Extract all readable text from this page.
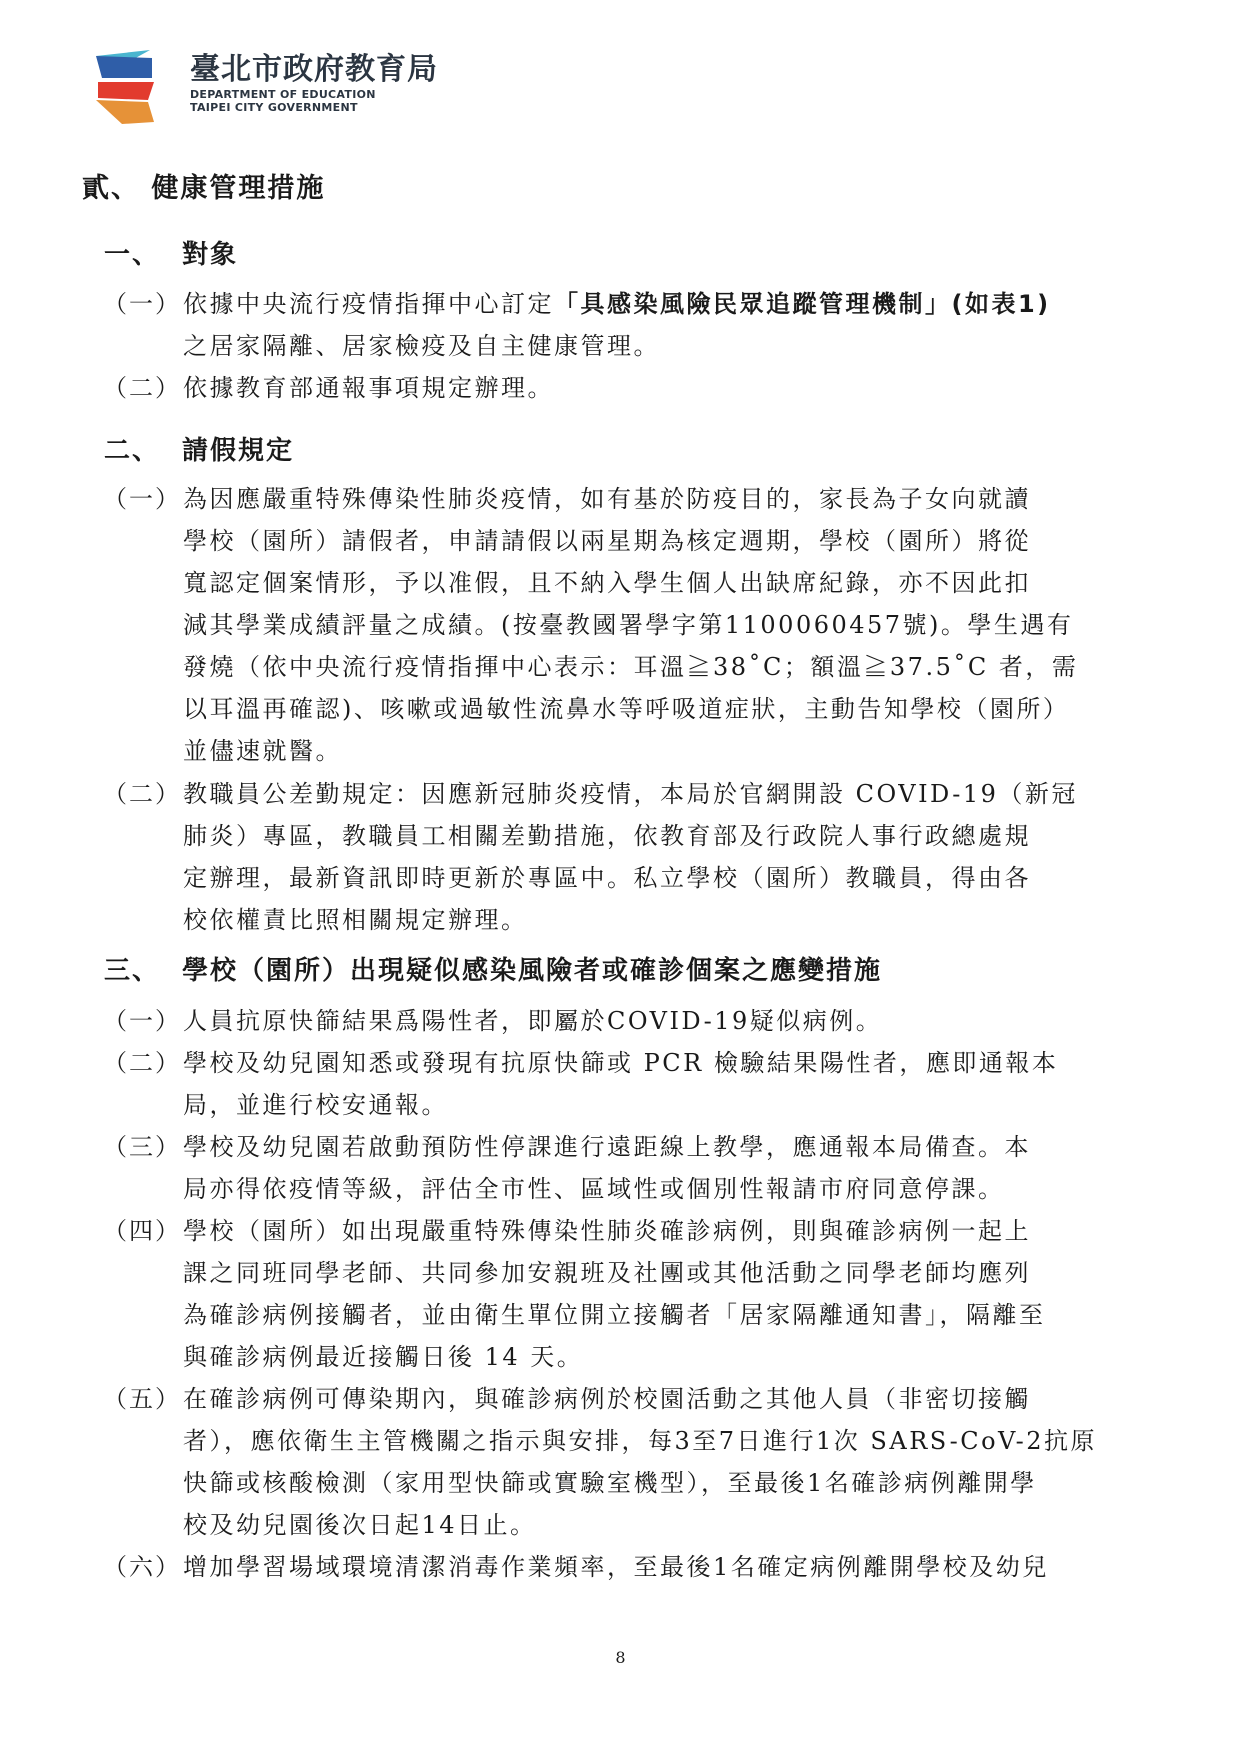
臺北市政府教育局
DEPARTMENT OF EDUCATION
TAIPEI CITY GOVERNMENT
貳、 健康管理措施
一、 對象
（一） 依據中央流行疫情指揮中心訂定「具感染風險民眾追蹤管理機制」(如表1)

之居家隔離、居家檢疫及自主健康管理。

（二） 依據教育部通報事項規定辦理。

二、 請假規定
（一） 為因應嚴重特殊傳染性肺炎疫情，如有基於防疫目的，家長為子女向就讀

學校（園所）請假者，申請請假以兩星期為核定週期，學校（園所）將從

寬認定個案情形，予以准假，且不納入學生個人出缺席紀錄，亦不因此扣

減其學業成績評量之成績。(按臺教國署學字第1100060457號)。學生遇有

發燒（依中央流行疫情指揮中心表示：耳溫≧38˚C；額溫≧37.5˚C 者，需

以耳溫再確認)、咳嗽或過敏性流鼻水等呼吸道症狀，主動告知學校（園所）

並儘速就醫。

（二） 教職員公差勤規定：因應新冠肺炎疫情，本局於官網開設 COVID-19（新冠

肺炎）專區，教職員工相關差勤措施，依教育部及行政院人事行政總處規

定辦理，最新資訊即時更新於專區中。私立學校（園所）教職員，得由各

校依權責比照相關規定辦理。

三、 學校（園所）出現疑似感染風險者或確診個案之應變措施
（一） 人員抗原快篩結果爲陽性者，即屬於COVID-19疑似病例。

（二） 學校及幼兒園知悉或發現有抗原快篩或 PCR 檢驗結果陽性者，應即通報本

局，並進行校安通報。

（三） 學校及幼兒園若啟動預防性停課進行遠距線上教學，應通報本局備查。本

局亦得依疫情等級，評估全市性、區域性或個別性報請市府同意停課。

（四） 學校（園所）如出現嚴重特殊傳染性肺炎確診病例，則與確診病例一起上

課之同班同學老師、共同參加安親班及社團或其他活動之同學老師均應列

為確診病例接觸者，並由衛生單位開立接觸者「居家隔離通知書」，隔離至

與確診病例最近接觸日後 14 天。

（五） 在確診病例可傳染期內，與確診病例於校園活動之其他人員（非密切接觸

者），應依衛生主管機關之指示與安排，每3至7日進行1次 SARS-CoV-2抗原

快篩或核酸檢測（家用型快篩或實驗室機型），至最後1名確診病例離開學

校及幼兒園後次日起14日止。

（六） 增加學習場域環境清潔消毒作業頻率，至最後1名確定病例離開學校及幼兒

8
